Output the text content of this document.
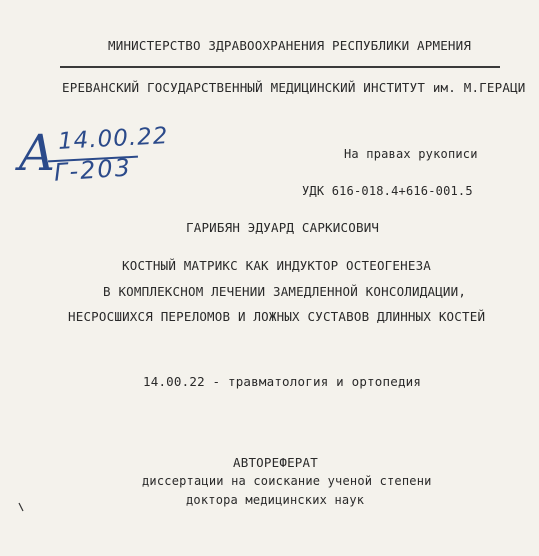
МИНИСТЕРСТВО ЗДРАВООХРАНЕНИЯ РЕСПУБЛИКИ АРМЕНИЯ
ЕРЕВАНСКИЙ ГОСУДАРСТВЕННЫЙ МЕДИЦИНСКИЙ ИНСТИТУТ им. М.ГЕРАЦИ
А 14.00.22
Г-203	На правах рукописи
УДК 616-018.4+616-001.5
ГАРИБЯН ЭДУАРД САРКИСОВИЧ
КОСТНЫЙ МАТРИКС КАК ИНДУКТОР ОСТЕОГЕНЕЗА
В КОМПЛЕКСНОМ ЛЕЧЕНИИ ЗАМЕДЛЕННОЙ КОНСОЛИДАЦИИ,
НЕСРОСШИХСЯ ПЕРЕЛОМОВ И ЛОЖНЫХ СУСТАВОВ ДЛИННЫХ КОСТЕЙ
14.00.22 - травматология и ортопедия
АВТОРЕФЕРАТ
диссертации на соискание ученой степени
доктора медицинских наук
